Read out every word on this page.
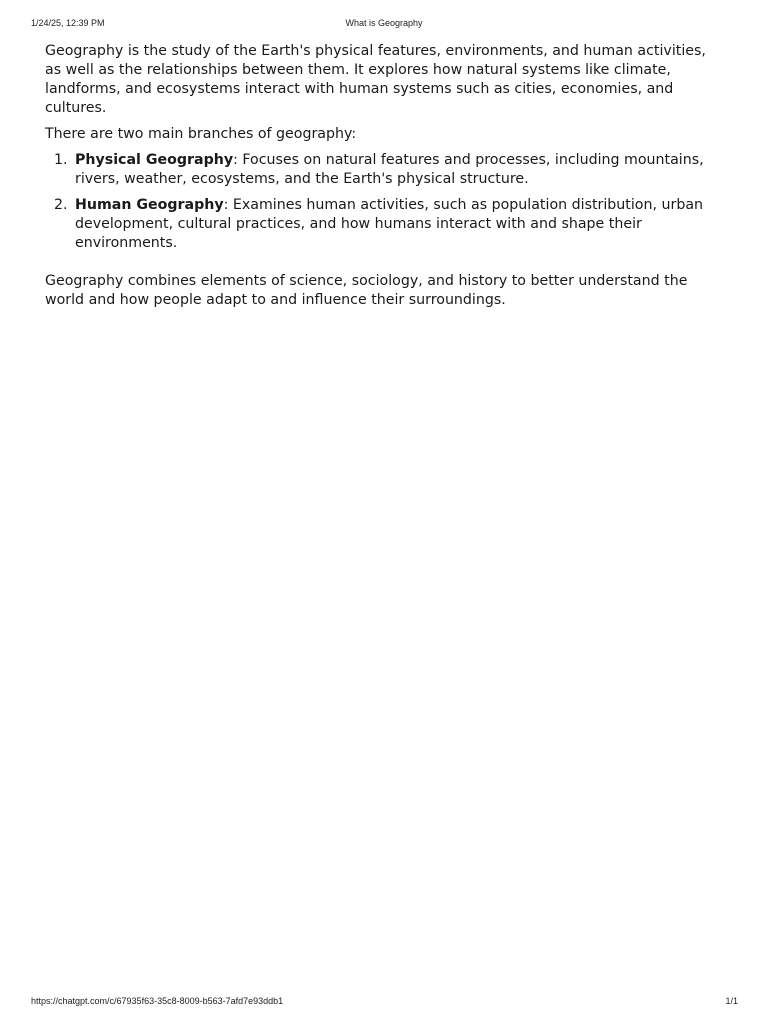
1/24/25, 12:39 PM	What is Geography

Geography is the study of the Earth's physical features, environments, and human activities, as well as the relationships between them. It explores how natural systems like climate, landforms, and ecosystems interact with human systems such as cities, economies, and cultures.

There are two main branches of geography:

1. Physical Geography: Focuses on natural features and processes, including mountains, rivers, weather, ecosystems, and the Earth's physical structure.
2. Human Geography: Examines human activities, such as population distribution, urban development, cultural practices, and how humans interact with and shape their environments.

Geography combines elements of science, sociology, and history to better understand the world and how people adapt to and influence their surroundings.

https://chatgpt.com/c/67935f63-35c8-8009-b563-7afd7e93ddb1	1/1
